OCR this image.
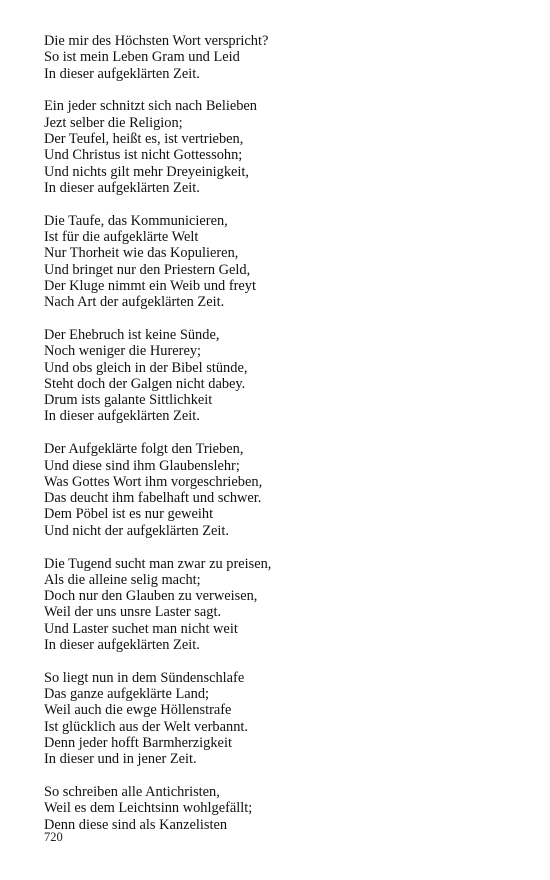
Die mir des Höchsten Wort verspricht?
So ist mein Leben Gram und Leid
In dieser aufgeklärten Zeit.
Ein jeder schnitzt sich nach Belieben
Jezt selber die Religion;
Der Teufel, heißt es, ist vertrieben,
Und Christus ist nicht Gottessohn;
Und nichts gilt mehr Dreyeinigkeit,
In dieser aufgeklärten Zeit.
Die Taufe, das Kommunicieren,
Ist für die aufgeklärte Welt
Nur Thorheit wie das Kopulieren,
Und bringet nur den Priestern Geld,
Der Kluge nimmt ein Weib und freyt
Nach Art der aufgeklärten Zeit.
Der Ehebruch ist keine Sünde,
Noch weniger die Hurerey;
Und obs gleich in der Bibel stünde,
Steht doch der Galgen nicht dabey.
Drum ists galante Sittlichkeit
In dieser aufgeklärten Zeit.
Der Aufgeklärte folgt den Trieben,
Und diese sind ihm Glaubenslehr;
Was Gottes Wort ihm vorgeschrieben,
Das deucht ihm fabelhaft und schwer.
Dem Pöbel ist es nur geweiht
Und nicht der aufgeklärten Zeit.
Die Tugend sucht man zwar zu preisen,
Als die alleine selig macht;
Doch nur den Glauben zu verweisen,
Weil der uns unsre Laster sagt.
Und Laster suchet man nicht weit
In dieser aufgeklärten Zeit.
So liegt nun in dem Sündenschlafe
Das ganze aufgeklärte Land;
Weil auch die ewge Höllenstrafe
Ist glücklich aus der Welt verbannt.
Denn jeder hofft Barmherzigkeit
In dieser und in jener Zeit.
So schreiben alle Antichristen,
Weil es dem Leichtsinn wohlgefällt;
Denn diese sind als Kanzelisten
720
